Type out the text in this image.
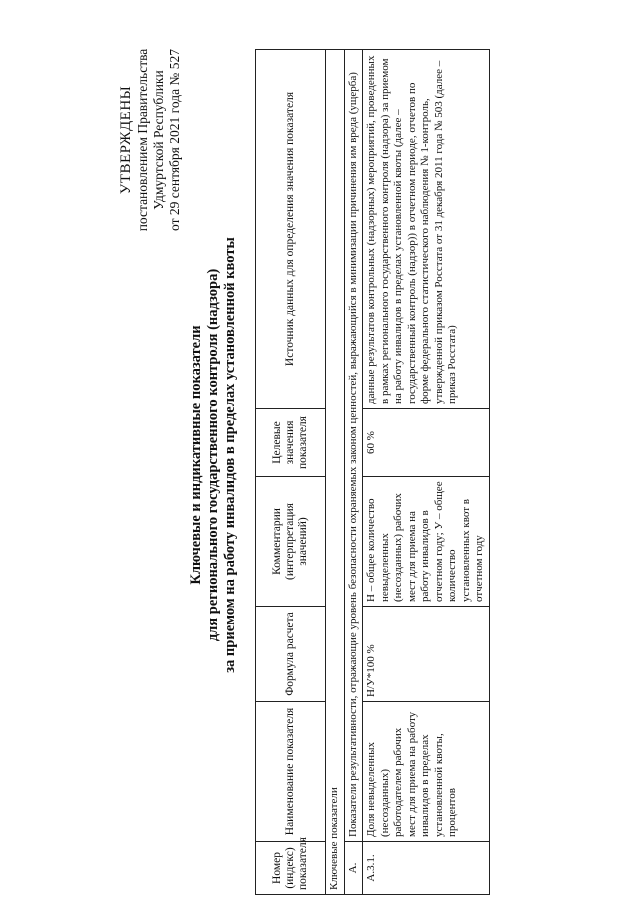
УТВЕРЖДЕНЫ постановлением Правительства Удмуртской Республики от 29 сентября 2021 года № 527
Ключевые и индикативные показатели для регионального государственного контроля (надзора) за приемом на работу инвалидов в пределах установленной квоты
Номер (индекс) показателя	Наименование показателя	Формула расчета	Комментарии (интерпретация значений)	Целевые значения показателя	Источник данных для определения значения показателя
Ключевые показатели					
А.	Показатели результативности, отражающие уровень безопасности охраняемых законом ценностей, выражающийся в минимизации причинения им вреда (ущерба)				
А.3.1.	Доля невыделенных (несозданных) работодателем рабочих мест для приема на работу инвалидов в пределах установленной квоты, процентов	Н/У*100 %	Н – общее количество невыделенных (несозданных) рабочих мест для приема на работу инвалидов в отчетном году; У – общее количество установленных квот в отчетном году	60 %	данные результатов контрольных (надзорных) мероприятий, проведенных в рамках регионального государственного контроля (надзора) за приемом на работу инвалидов в пределах установленной квоты (далее – государственный контроль (надзор)) в отчетном периоде, отчетов по форме федерального статистического наблюдения № 1-контроль, утвержденной приказом Росстата от 31 декабря 2011 года № 503 (далее – приказ Росстата)
